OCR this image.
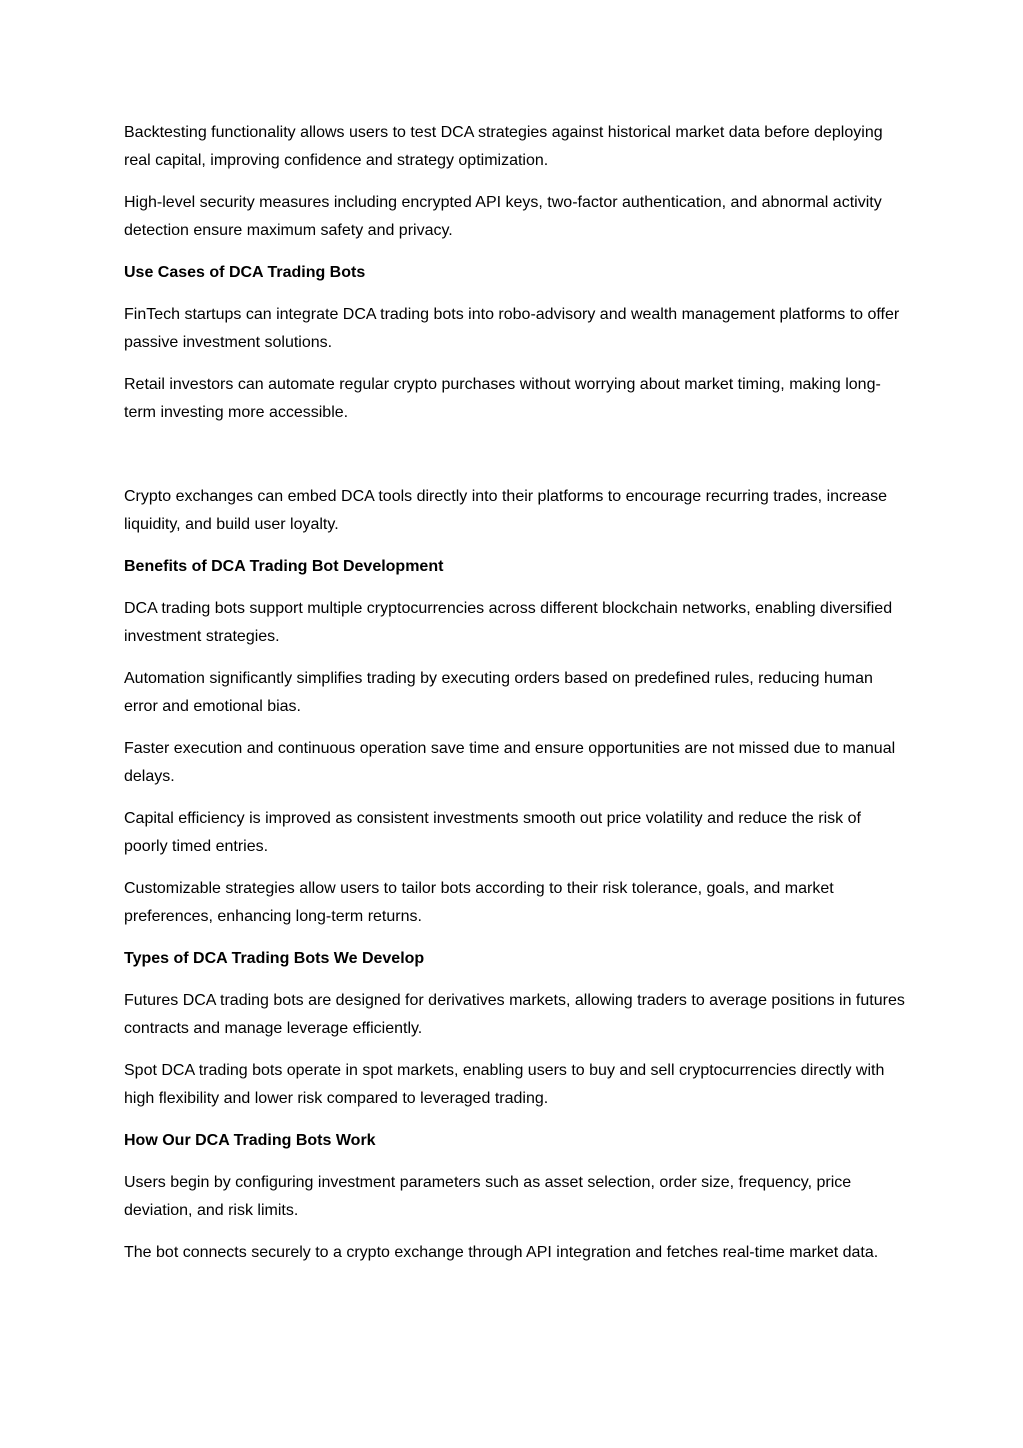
Backtesting functionality allows users to test DCA strategies against historical market data before deploying real capital, improving confidence and strategy optimization.

High-level security measures including encrypted API keys, two-factor authentication, and abnormal activity detection ensure maximum safety and privacy.

Use Cases of DCA Trading Bots

FinTech startups can integrate DCA trading bots into robo-advisory and wealth management platforms to offer passive investment solutions.

Retail investors can automate regular crypto purchases without worrying about market timing, making long-term investing more accessible.

Crypto exchanges can embed DCA tools directly into their platforms to encourage recurring trades, increase liquidity, and build user loyalty.

Benefits of DCA Trading Bot Development

DCA trading bots support multiple cryptocurrencies across different blockchain networks, enabling diversified investment strategies.

Automation significantly simplifies trading by executing orders based on predefined rules, reducing human error and emotional bias.

Faster execution and continuous operation save time and ensure opportunities are not missed due to manual delays.

Capital efficiency is improved as consistent investments smooth out price volatility and reduce the risk of poorly timed entries.

Customizable strategies allow users to tailor bots according to their risk tolerance, goals, and market preferences, enhancing long-term returns.

Types of DCA Trading Bots We Develop

Futures DCA trading bots are designed for derivatives markets, allowing traders to average positions in futures contracts and manage leverage efficiently.

Spot DCA trading bots operate in spot markets, enabling users to buy and sell cryptocurrencies directly with high flexibility and lower risk compared to leveraged trading.

How Our DCA Trading Bots Work

Users begin by configuring investment parameters such as asset selection, order size, frequency, price deviation, and risk limits.

The bot connects securely to a crypto exchange through API integration and fetches real-time market data.
